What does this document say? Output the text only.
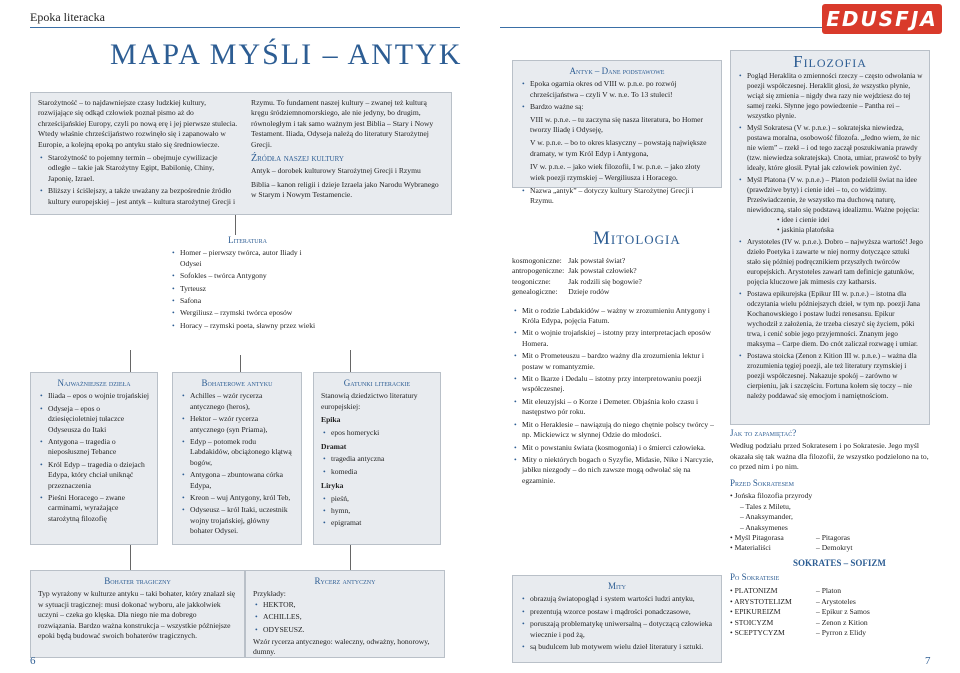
Epoka literacka	EDUSFJA
MAPA MYŚLI – ANTYK

Starożytność – to najdawniejsze czasy ludzkiej kultury, rozwijające się odkąd człowiek poznał pismo aż do chrześcijańskiej Europy, czyli po nową erę i jej pierwsze stulecia. Wtedy właśnie chrześcijaństwo rozwinęło się i zapanowało w Europie, a kolejną epoką po antyku stało się średniowiecze.

• Starożytność to pojemny termin – obejmuje cywilizacje odległe – takie jak Starożytny Egipt, Babilonię, Chiny, Japonię, Izrael.
• Bliższy i ściślejszy, a także uważany za bezpośrednie źródło kultury europejskiej – jest antyk – kultura starożytnej Grecji i

Rzymu. To fundament naszej kultury – zwanej też kulturą kręgu śródziemnomorskiego, ale nie jedyny, bo drugim, równoległym i tak samo ważnym jest Biblia – Stary i Nowy Testament. Iliada, Odyseja należą do literatury Starożytnej Grecji.

Źródła naszej kultury

Antyk – dorobek kulturowy Starożytnej Grecji i Rzymu

Biblia – kanon religii i dzieje Izraela jako Narodu Wybranego w Starym i Nowym Testamencie.

Literatura
• Homer – pierwszy twórca, autor Iliady i Odysei
• Sofokles – twórca Antygony
• Tyrteusz
• Safona
• Wergiliusz – rzymski twórca eposów
• Horacy – rzymski poeta, sławny przez wieki
Najważniejsze dzieła
• Iliada – epos o wojnie trojańskiej
• Odyseja – epos o dziesięcioletniej tułaczce Odyseusza do Itaki
• Antygona – tragedia o nieposłusznej Tebance
• Król Edyp – tragedia o dziejach Edypa, który chciał uniknąć przeznaczenia
• Pieśni Horacego – zwane carminami, wyrażające starożytną filozofię
Bohaterowe antyku
• Achilles – wzór rycerza antycznego (heros),
• Hektor – wzór rycerza antycznego (syn Priama),
• Edyp – potomek rodu Labdakidów, obciążonego klątwą bogów,
• Antygona – zbuntowana córka Edypa,
• Kreon – wuj Antygony, król Teb,
• Odyseusz – król Itaki, uczestnik wojny trojańskiej, główny bohater Odysei.
Gatunki literackie

Stanowią dziedzictwo literatury europejskiej:

Epika
• epos homerycki
Dramat
• tragedia antyczna
• komedia
Liryka
• pieśń,
• hymn,
• epigramat
Bohater tragiczny

Typ wyrażony w kulturze antyku – taki bohater, który znalazł się w sytuacji tragicznej: musi dokonać wyboru, ale jakkolwiek uczyni – czeka go klęska. Dla niego nie ma dobrego rozwiązania. Bardzo ważna konstrukcja – wszystkie późniejsze epoki będą budować swoich bohaterów tragicznych.

Rycerz antyczny

Przykłady:

• HEKTOR,
• ACHILLES,
• ODYSEUSZ.

Wzór rycerza antycznego: waleczny, odważny, honorowy, dumny.

6
Antyk – Dane podstawowe
• Epoka ogarnia okres od VIII w. p.n.e. po rozwój chrześcijaństwa – czyli V w. n.e. To 13 stuleci!
• Bardzo ważne są:

VIII w. p.n.e. – tu zaczyna się nasza literatura, bo Homer tworzy Iliadę i Odyseję,

V w. p.n.e. – bo to okres klasyczny – powstają największe dramaty, w tym Król Edyp i Antygona,

IV w. p.n.e. – jako wiek filozofii, I w. p.n.e. – jako złoty wiek poezji rzymskiej – Wergiliusza i Horacego.

• Nazwa „antyk” – dotyczy kultury Starożytnej Grecji i Rzymu.
Mitologia
kosmogoniczne:	Jak powstał świat?
antropogeniczne:	Jak powstał człowiek?
teogoniczne:	Jak rodzili się bogowie?
genealogiczne:	Dzieje rodów
• Mit o rodzie Labdakidów – ważny w zrozumieniu Antygony i Króla Edypa, pojęcia Fatum.
• Mit o wojnie trojańskiej – istotny przy interpretacjach eposów Homera.
• Mit o Prometeuszu – bardzo ważny dla zrozumienia lektur i postaw w romantyzmie.
• Mit o Ikarze i Dedalu – istotny przy interpretowaniu poezji współczesnej.
• Mit eleuzyjski – o Korze i Demeter. Objaśnia koło czasu i następstwo pór roku.
• Mit o Heraklesie – nawiązują do niego chętnie polscy twórcy – np. Mickiewicz w słynnej Odzie do młodości.
• Mit o powstaniu świata (kosmogonia) i o śmierci człowieka.
• Mity o niektórych bogach o Syzyfie, Midasie, Nike i Narcyzie, jabłku niezgody – do nich zawsze mogą odwołać się na egzaminie.
Mity
• obrazują światopogląd i system wartości ludzi antyku,
• prezentują wzorce postaw i mądrości ponadczasowe,
• poruszają problematykę uniwersalną – dotyczącą człowieka wiecznie i pod żą,
• są budulcem lub motywem wielu dzieł literatury i sztuki.
Filozofia
• Pogląd Heraklita o zmienności rzeczy – często odwołania w poezji współczesnej. Heraklit głosi, że wszystko płynie, wciąż się zmienia – nigdy dwa razy nie wejdziesz do tej samej rzeki. Słynne jego powiedzenie – Pantha rei – wszystko płynie.
• Myśl Sokratesa (V w. p.n.e.) – sokratejska niewiedza, postawa moralna, osobowość filozofa. „Jedno wiem, że nic nie wiem” – rzekł – i od tego zaczął poszukiwania prawdy (tzw. niewiedza sokratejska). Cnota, umiar, prawość to były ideały, które głosił. Pytał jak człowiek powinien żyć.
• Myśl Platona (V w. p.n.e.) – Platon podzielił świat na idee (prawdziwe byty) i cienie idei – to, co widzimy. Przeświadczenie, że wszystko ma duchową naturę, niewidoczną, stało się podstawą idealizmu. Ważne pojęcia:
• idee i cienie idei
• jaskinia platońska
• Arystoteles (IV w. p.n.e.). Dobro – najwyższa wartość! Jego dzieło Poetyka i zawarte w niej normy dotyczące sztuki stało się później podręcznikiem przyszłych twórców europejskich. Arystoteles zawarł tam definicje gatunków, pojęcia kluczowe jak mimesis czy katharsis.
• Postawa epikurejska (Epikur III w. p.n.e.) – istotna dla odczytania wielu późniejszych dzieł, w tym np. poezji Jana Kochanowskiego i postaw ludzi renesansu. Epikur wychodził z założenia, że trzeba cieszyć się życiem, póki trwa, i cenić sobie jego przyjemności. Znanym jego maksyma – Carpe diem. Do cnót zaliczał rozwagę i umiar.
• Postawa stoicka (Zenon z Kition III w. p.n.e.) – ważna dla zrozumienia tęgiej poezji, ale też literatury rzymskiej i poezji współczesnej. Nakazuje spokój – zarówno w cierpieniu, jak i szczęściu. Fortuna kołem się toczy – nie należy poddawać się emocjom i namiętnościom.
Jak to zapamiętać?

Według podziału przed Sokratesem i po Sokratesie. Jego myśl okazała się tak ważna dla filozofii, że wszystko podzielono na to, co przed nim i po nim.

Przed Sokratesem
• Jońska filozofia przyrody
– Tales z Miletu,
– Anaksymander,
– Anaksymenes
• Myśl Pitagorasa	– Pitagoras
• Materialiści	– Demokryt
SOKRATES – SOFIZM
Po Sokratesie
• PLATONIZM	– Platon
• ARYSTOTELIZM	– Arystoteles
• EPIKUREIZM	– Epikur z Samos
• STOICYZM	– Zenon z Kition
• SCEPTYCYZM	– Pyrron z Elidy
7
